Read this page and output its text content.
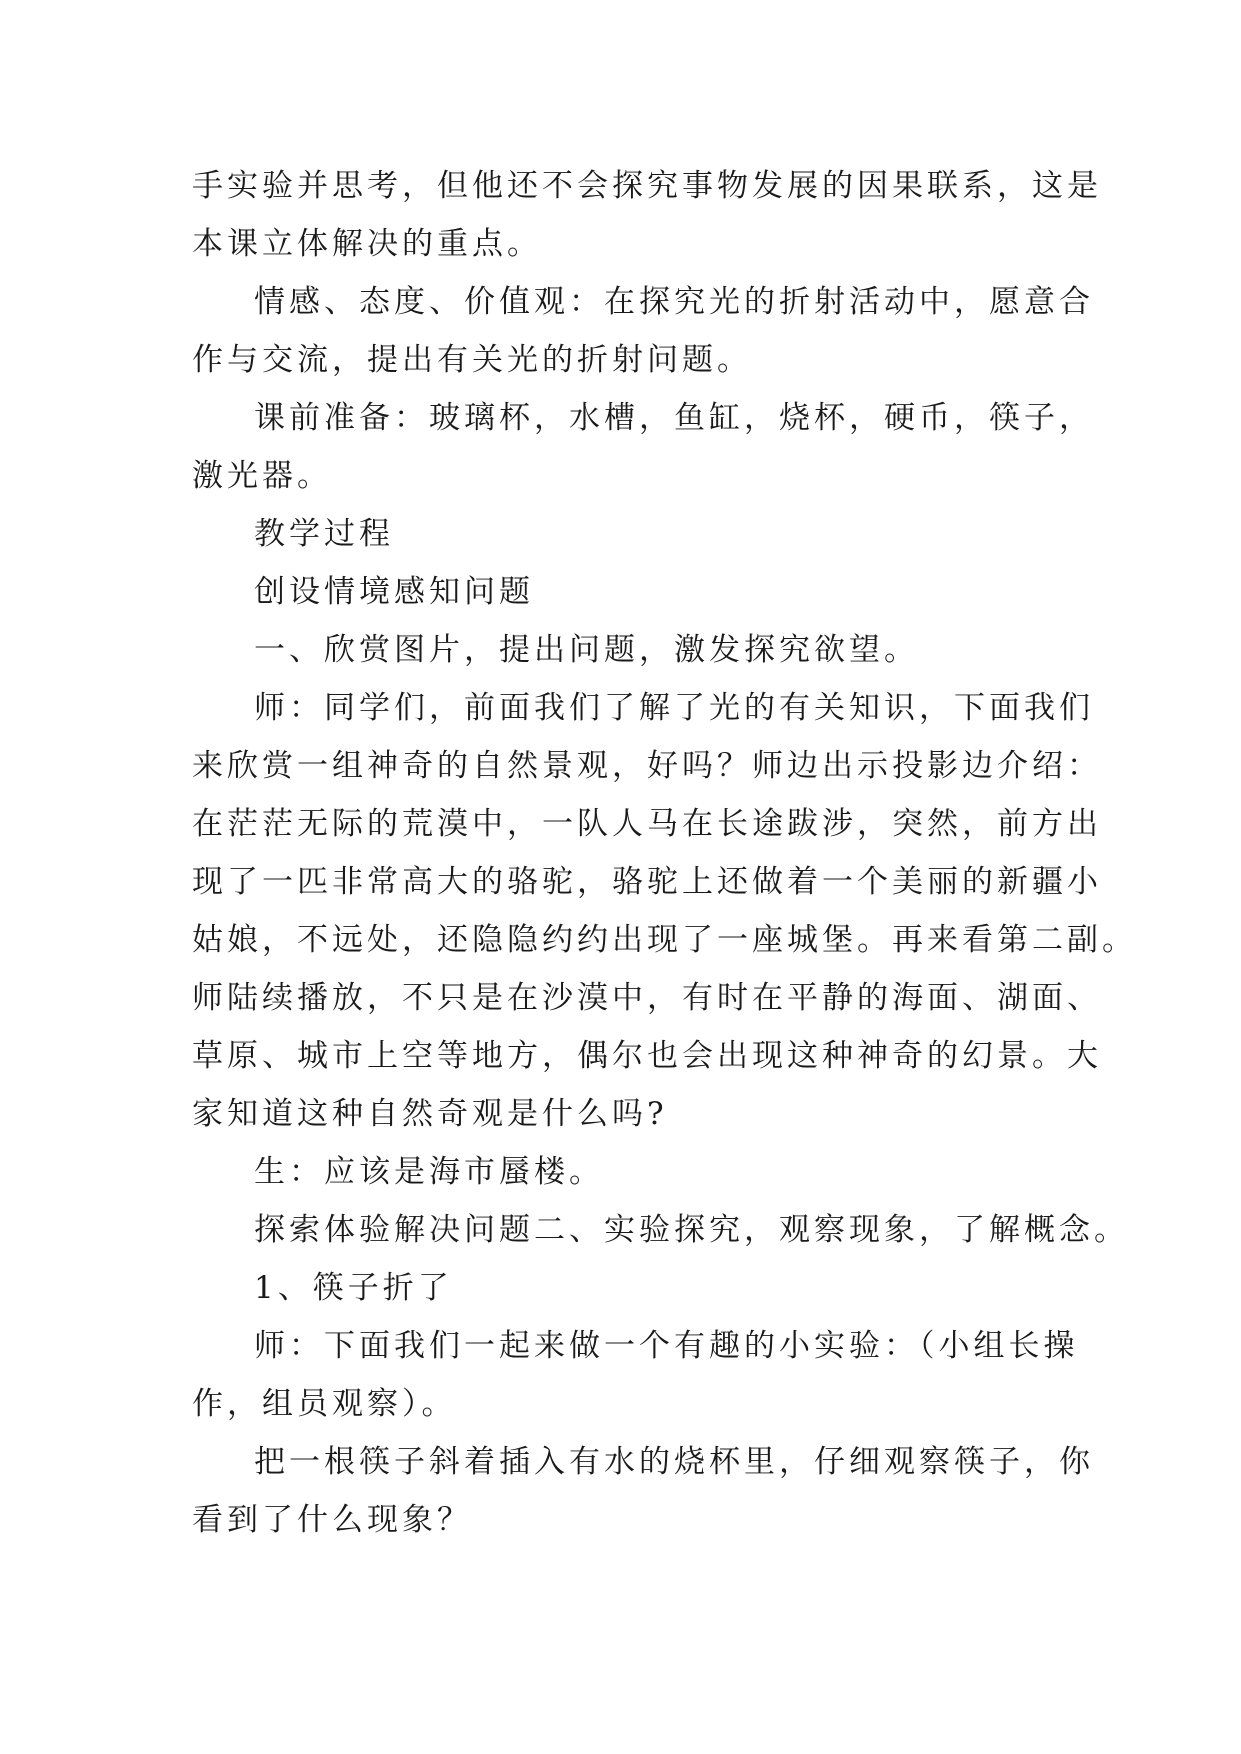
手实验并思考，但他还不会探究事物发展的因果联系，这是
本课立体解决的重点。
情感、态度、价值观：在探究光的折射活动中，愿意合
作与交流，提出有关光的折射问题。
课前准备：玻璃杯，水槽，鱼缸，烧杯，硬币，筷子，
激光器。
教学过程
创设情境感知问题
一、欣赏图片，提出问题，激发探究欲望。
师：同学们，前面我们了解了光的有关知识，下面我们
来欣赏一组神奇的自然景观，好吗？师边出示投影边介绍：
在茫茫无际的荒漠中，一队人马在长途跋涉，突然，前方出
现了一匹非常高大的骆驼，骆驼上还做着一个美丽的新疆小
姑娘，不远处，还隐隐约约出现了一座城堡。再来看第二副。
师陆续播放，不只是在沙漠中，有时在平静的海面、湖面、
草原、城市上空等地方，偶尔也会出现这种神奇的幻景。大
家知道这种自然奇观是什么吗?
生：应该是海市蜃楼。
探索体验解决问题二、实验探究，观察现象，了解概念。
1、筷子折了
师：下面我们一起来做一个有趣的小实验：（小组长操
作，组员观察）。
把一根筷子斜着插入有水的烧杯里，仔细观察筷子，你
看到了什么现象？
